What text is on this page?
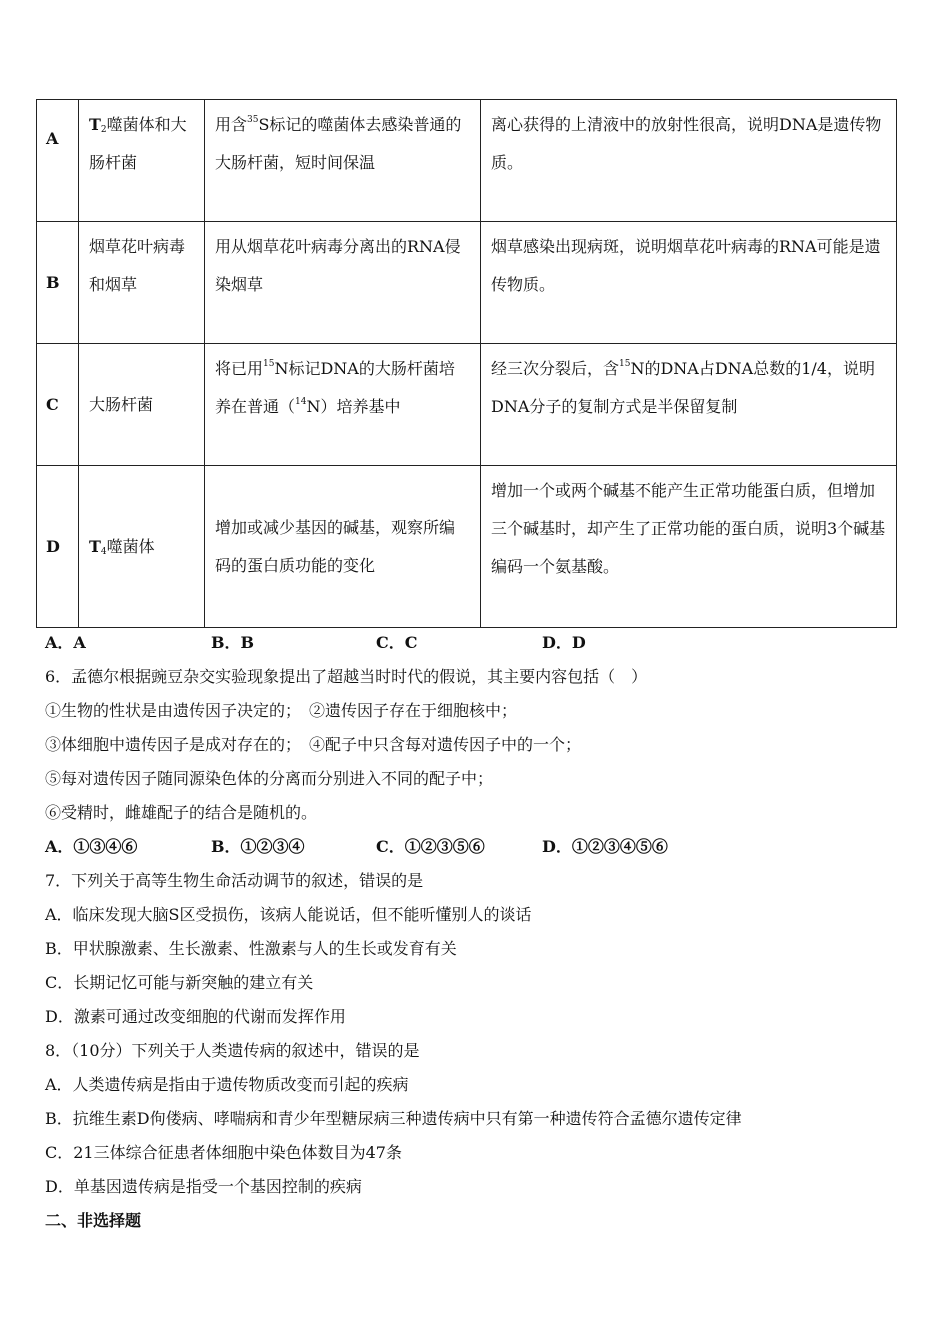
A	$T_2$噬菌体和大肠杆菌	用含$^{35}$S标记的噬菌体去感染普通的大肠杆菌，短时间保温	离心获得的上清液中的放射性很高，说明DNA是遗传物质。
B	烟草花叶病毒和烟草	用从烟草花叶病毒分离出的RNA侵染烟草	烟草感染出现病斑，说明烟草花叶病毒的RNA可能是遗传物质。
C	大肠杆菌	将已用$^{15}$N标记DNA的大肠杆菌培养在普通（$^{14}$N）培养基中	经三次分裂后，含$^{15}$N的DNA占DNA总数的1/4，说明DNA分子的复制方式是半保留复制
D	$T_4$噬菌体	增加或减少基因的碱基，观察所编码的蛋白质功能的变化	增加一个或两个碱基不能产生正常功能蛋白质，但增加三个碱基时，却产生了正常功能的蛋白质，说明3个碱基编码一个氨基酸。
A．A	B．B	C．C	D．D
6．孟德尔根据豌豆杂交实验现象提出了超越当时时代的假说，其主要内容包括（　）
①生物的性状是由遗传因子决定的；　②遗传因子存在于细胞核中；
③体细胞中遗传因子是成对存在的；　④配子中只含每对遗传因子中的一个；
⑤每对遗传因子随同源染色体的分离而分别进入不同的配子中；
⑥受精时，雌雄配子的结合是随机的。
A．①③④⑥	B．①②③④	C．①②③⑤⑥	D．①②③④⑤⑥
7．下列关于高等生物生命活动调节的叙述，错误的是
A．临床发现大脑S区受损伤，该病人能说话，但不能听懂别人的谈话
B．甲状腺激素、生长激素、性激素与人的生长或发育有关
C．长期记忆可能与新突触的建立有关
D．激素可通过改变细胞的代谢而发挥作用
8．（10分）下列关于人类遗传病的叙述中，错误的是
A．人类遗传病是指由于遗传物质改变而引起的疾病
B．抗维生素D佝偻病、哮喘病和青少年型糖尿病三种遗传病中只有第一种遗传符合孟德尔遗传定律
C．21三体综合征患者体细胞中染色体数目为47条
D．单基因遗传病是指受一个基因控制的疾病
二、非选择题
